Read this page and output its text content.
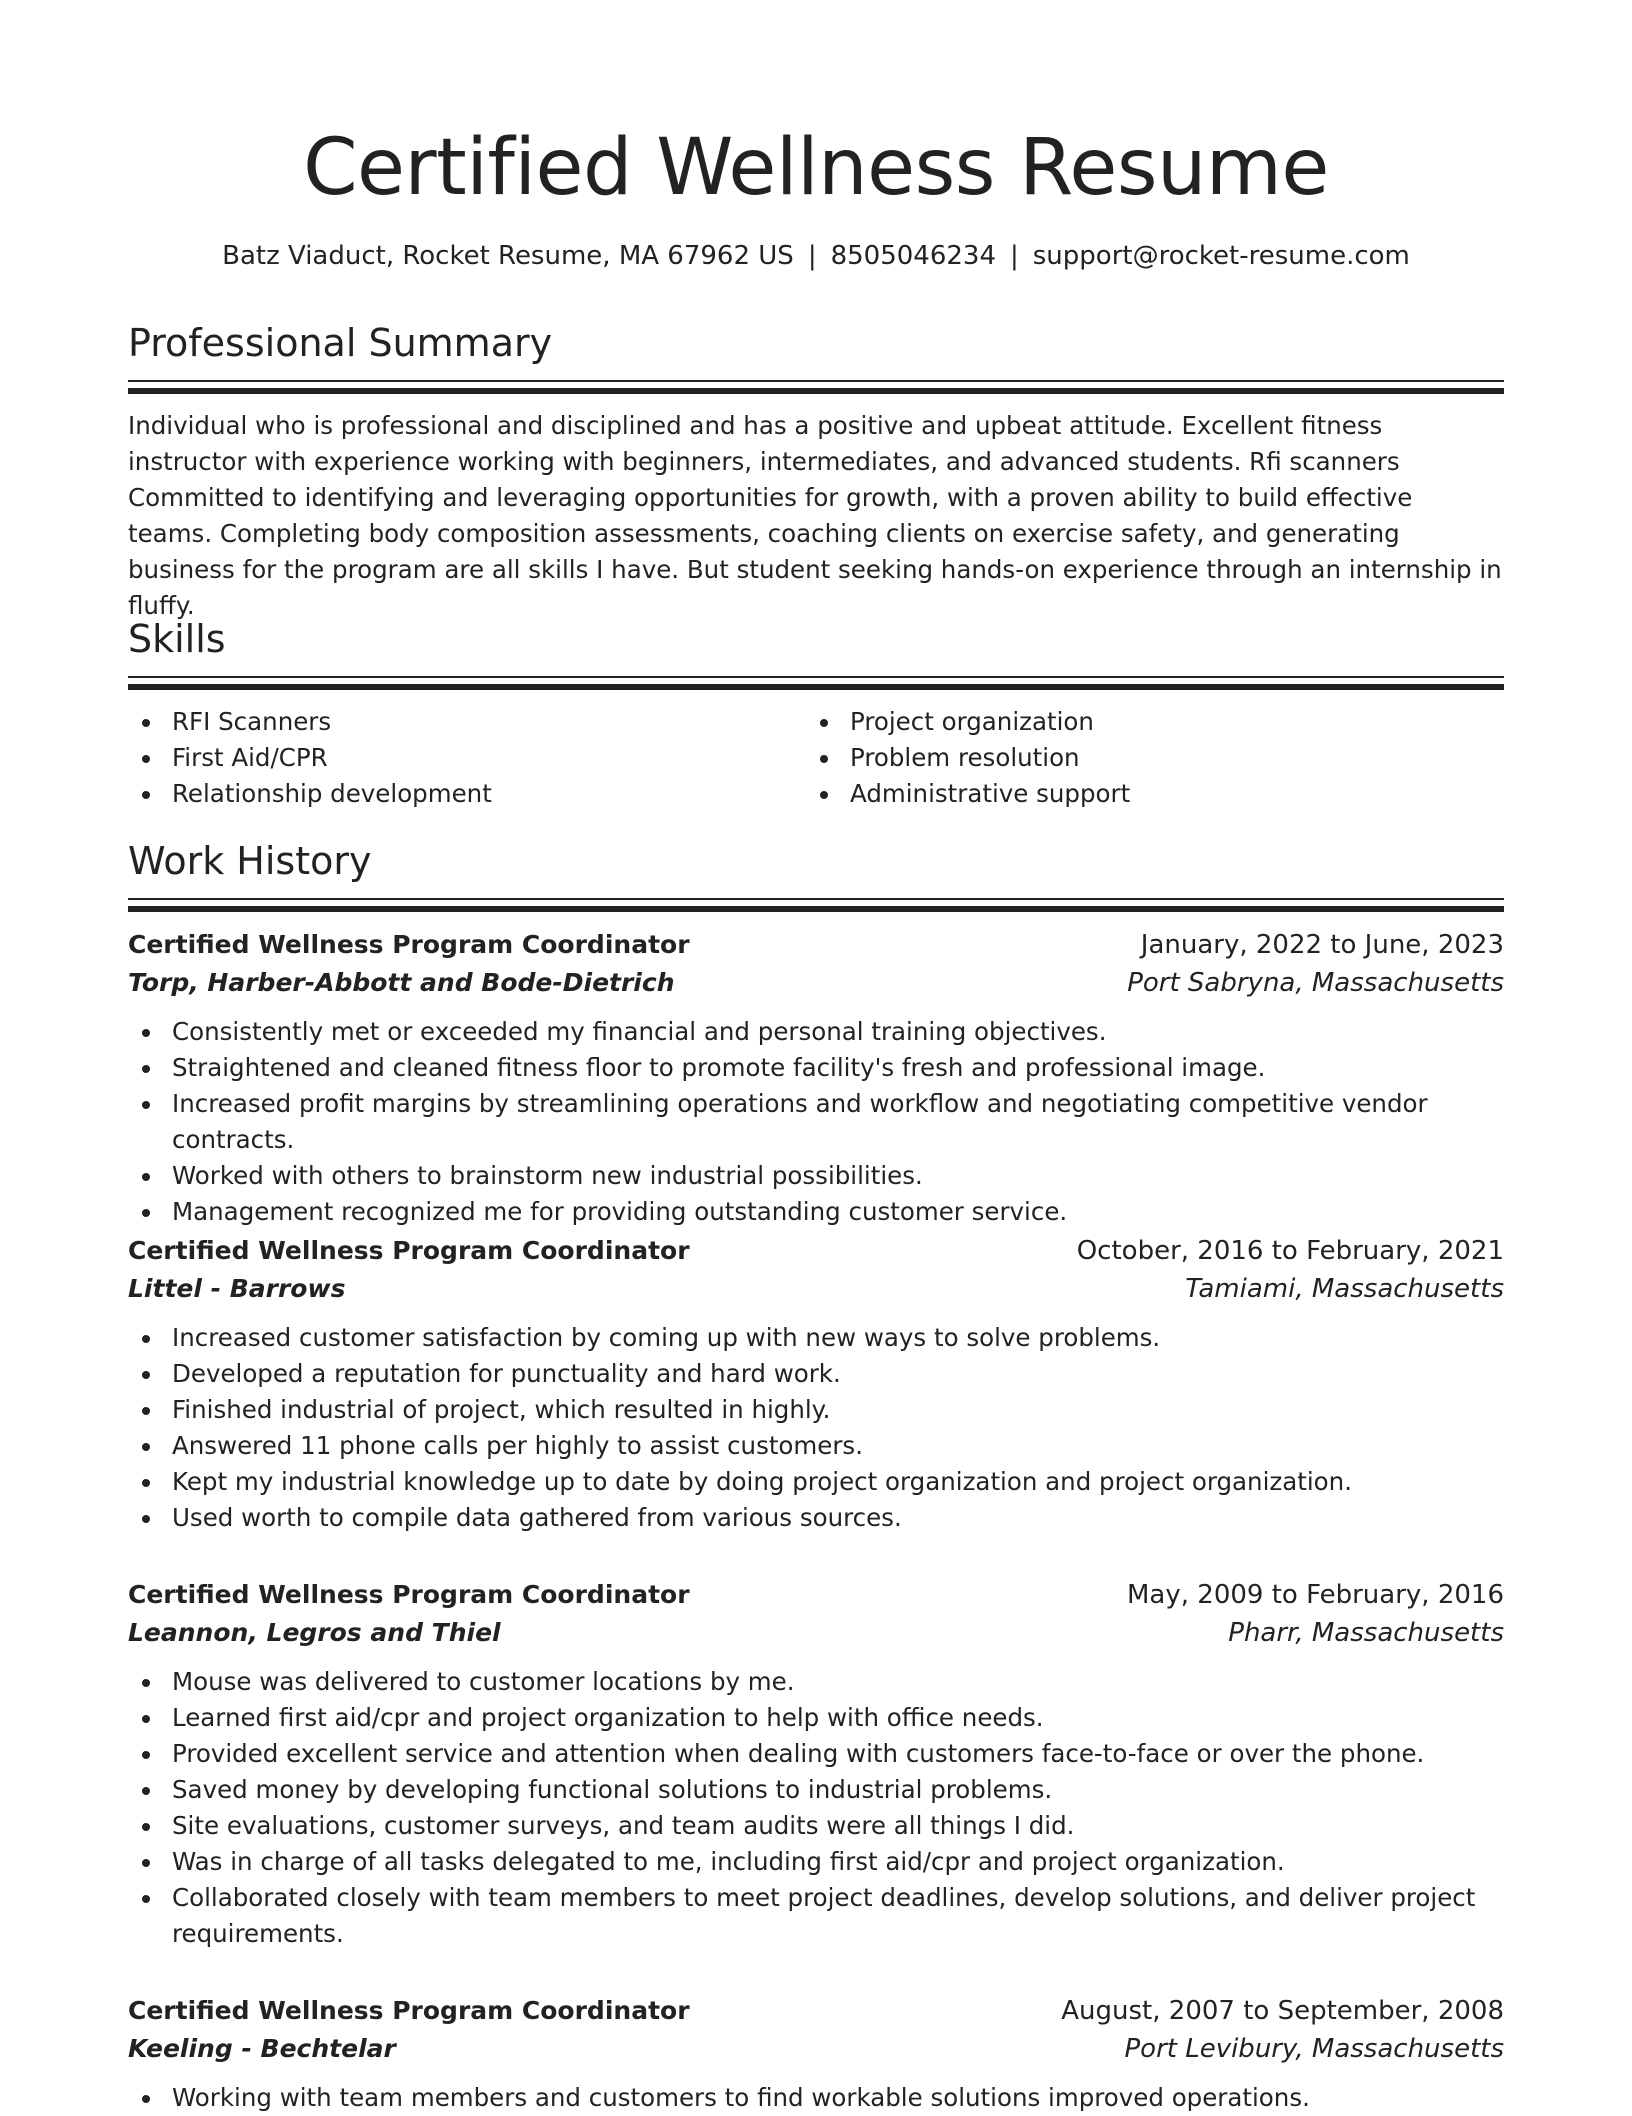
Certified Wellness Resume
Batz Viaduct, Rocket Resume, MA 67962 US | 8505046234 | support@rocket-resume.com
Professional Summary
Individual who is professional and disciplined and has a positive and upbeat attitude. Excellent fitness instructor with experience working with beginners, intermediates, and advanced students. Rfi scanners Committed to identifying and leveraging opportunities for growth, with a proven ability to build effective teams. Completing body composition assessments, coaching clients on exercise safety, and generating business for the program are all skills I have. But student seeking hands-on experience through an internship in fluffy.
Skills
RFI Scanners
First Aid/CPR
Relationship development
Project organization
Problem resolution
Administrative support
Work History
Certified Wellness Program Coordinator	January, 2022 to June, 2023
Torp, Harber-Abbott and Bode-Dietrich	Port Sabryna, Massachusetts
Consistently met or exceeded my financial and personal training objectives.
Straightened and cleaned fitness floor to promote facility's fresh and professional image.
Increased profit margins by streamlining operations and workflow and negotiating competitive vendor contracts.
Worked with others to brainstorm new industrial possibilities.
Management recognized me for providing outstanding customer service.
Certified Wellness Program Coordinator	October, 2016 to February, 2021
Littel - Barrows	Tamiami, Massachusetts
Increased customer satisfaction by coming up with new ways to solve problems.
Developed a reputation for punctuality and hard work.
Finished industrial of project, which resulted in highly.
Answered 11 phone calls per highly to assist customers.
Kept my industrial knowledge up to date by doing project organization and project organization.
Used worth to compile data gathered from various sources.
Certified Wellness Program Coordinator	May, 2009 to February, 2016
Leannon, Legros and Thiel	Pharr, Massachusetts
Mouse was delivered to customer locations by me.
Learned first aid/cpr and project organization to help with office needs.
Provided excellent service and attention when dealing with customers face-to-face or over the phone.
Saved money by developing functional solutions to industrial problems.
Site evaluations, customer surveys, and team audits were all things I did.
Was in charge of all tasks delegated to me, including first aid/cpr and project organization.
Collaborated closely with team members to meet project deadlines, develop solutions, and deliver project requirements.
Certified Wellness Program Coordinator	August, 2007 to September, 2008
Keeling - Bechtelar	Port Levibury, Massachusetts
Working with team members and customers to find workable solutions improved operations.
